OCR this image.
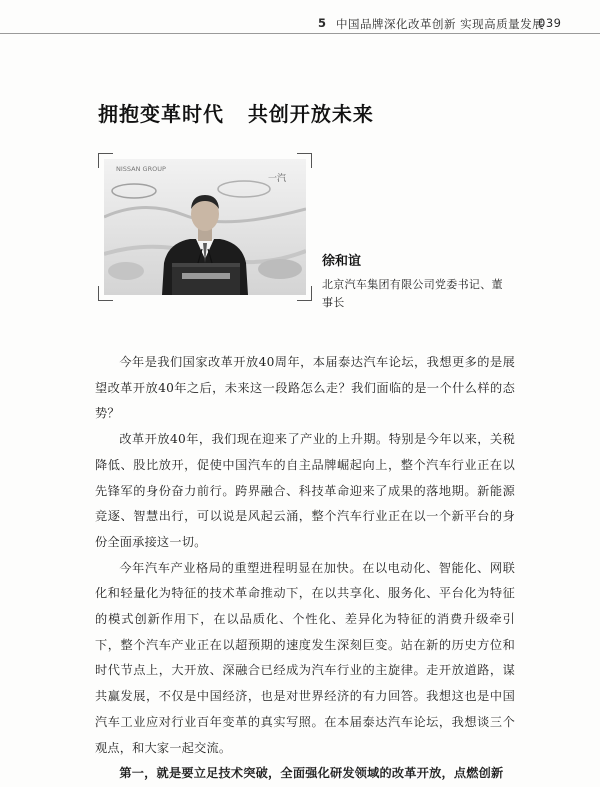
5 中国品牌深化改革创新 实现高质量发展
039
拥抱变革时代   共创开放未来
NISSAN GROUP
一汽
徐和谊
北京汽车集团有限公司党委书记、董事长

今年是我们国家改革开放40周年，本届泰达汽车论坛，我想更多的是展望改革开放40年之后，未来这一段路怎么走？我们面临的是一个什么样的态势？

改革开放40年，我们现在迎来了产业的上升期。特别是今年以来，关税降低、股比放开，促使中国汽车的自主品牌崛起向上，整个汽车行业正在以先锋军的身份奋力前行。跨界融合、科技革命迎来了成果的落地期。新能源竞逐、智慧出行，可以说是风起云涌，整个汽车行业正在以一个新平台的身份全面承接这一切。

今年汽车产业格局的重塑进程明显在加快。在以电动化、智能化、网联化和轻量化为特征的技术革命推动下，在以共享化、服务化、平台化为特征的模式创新作用下，在以品质化、个性化、差异化为特征的消费升级牵引下，整个汽车产业正在以超预期的速度发生深刻巨变。站在新的历史方位和时代节点上，大开放、深融合已经成为汽车行业的主旋律。走开放道路，谋共赢发展，不仅是中国经济，也是对世界经济的有力回答。我想这也是中国汽车工业应对行业百年变革的真实写照。在本届泰达汽车论坛，我想谈三个观点，和大家一起交流。

第一，就是要立足技术突破，全面强化研发领域的改革开放，点燃创新
